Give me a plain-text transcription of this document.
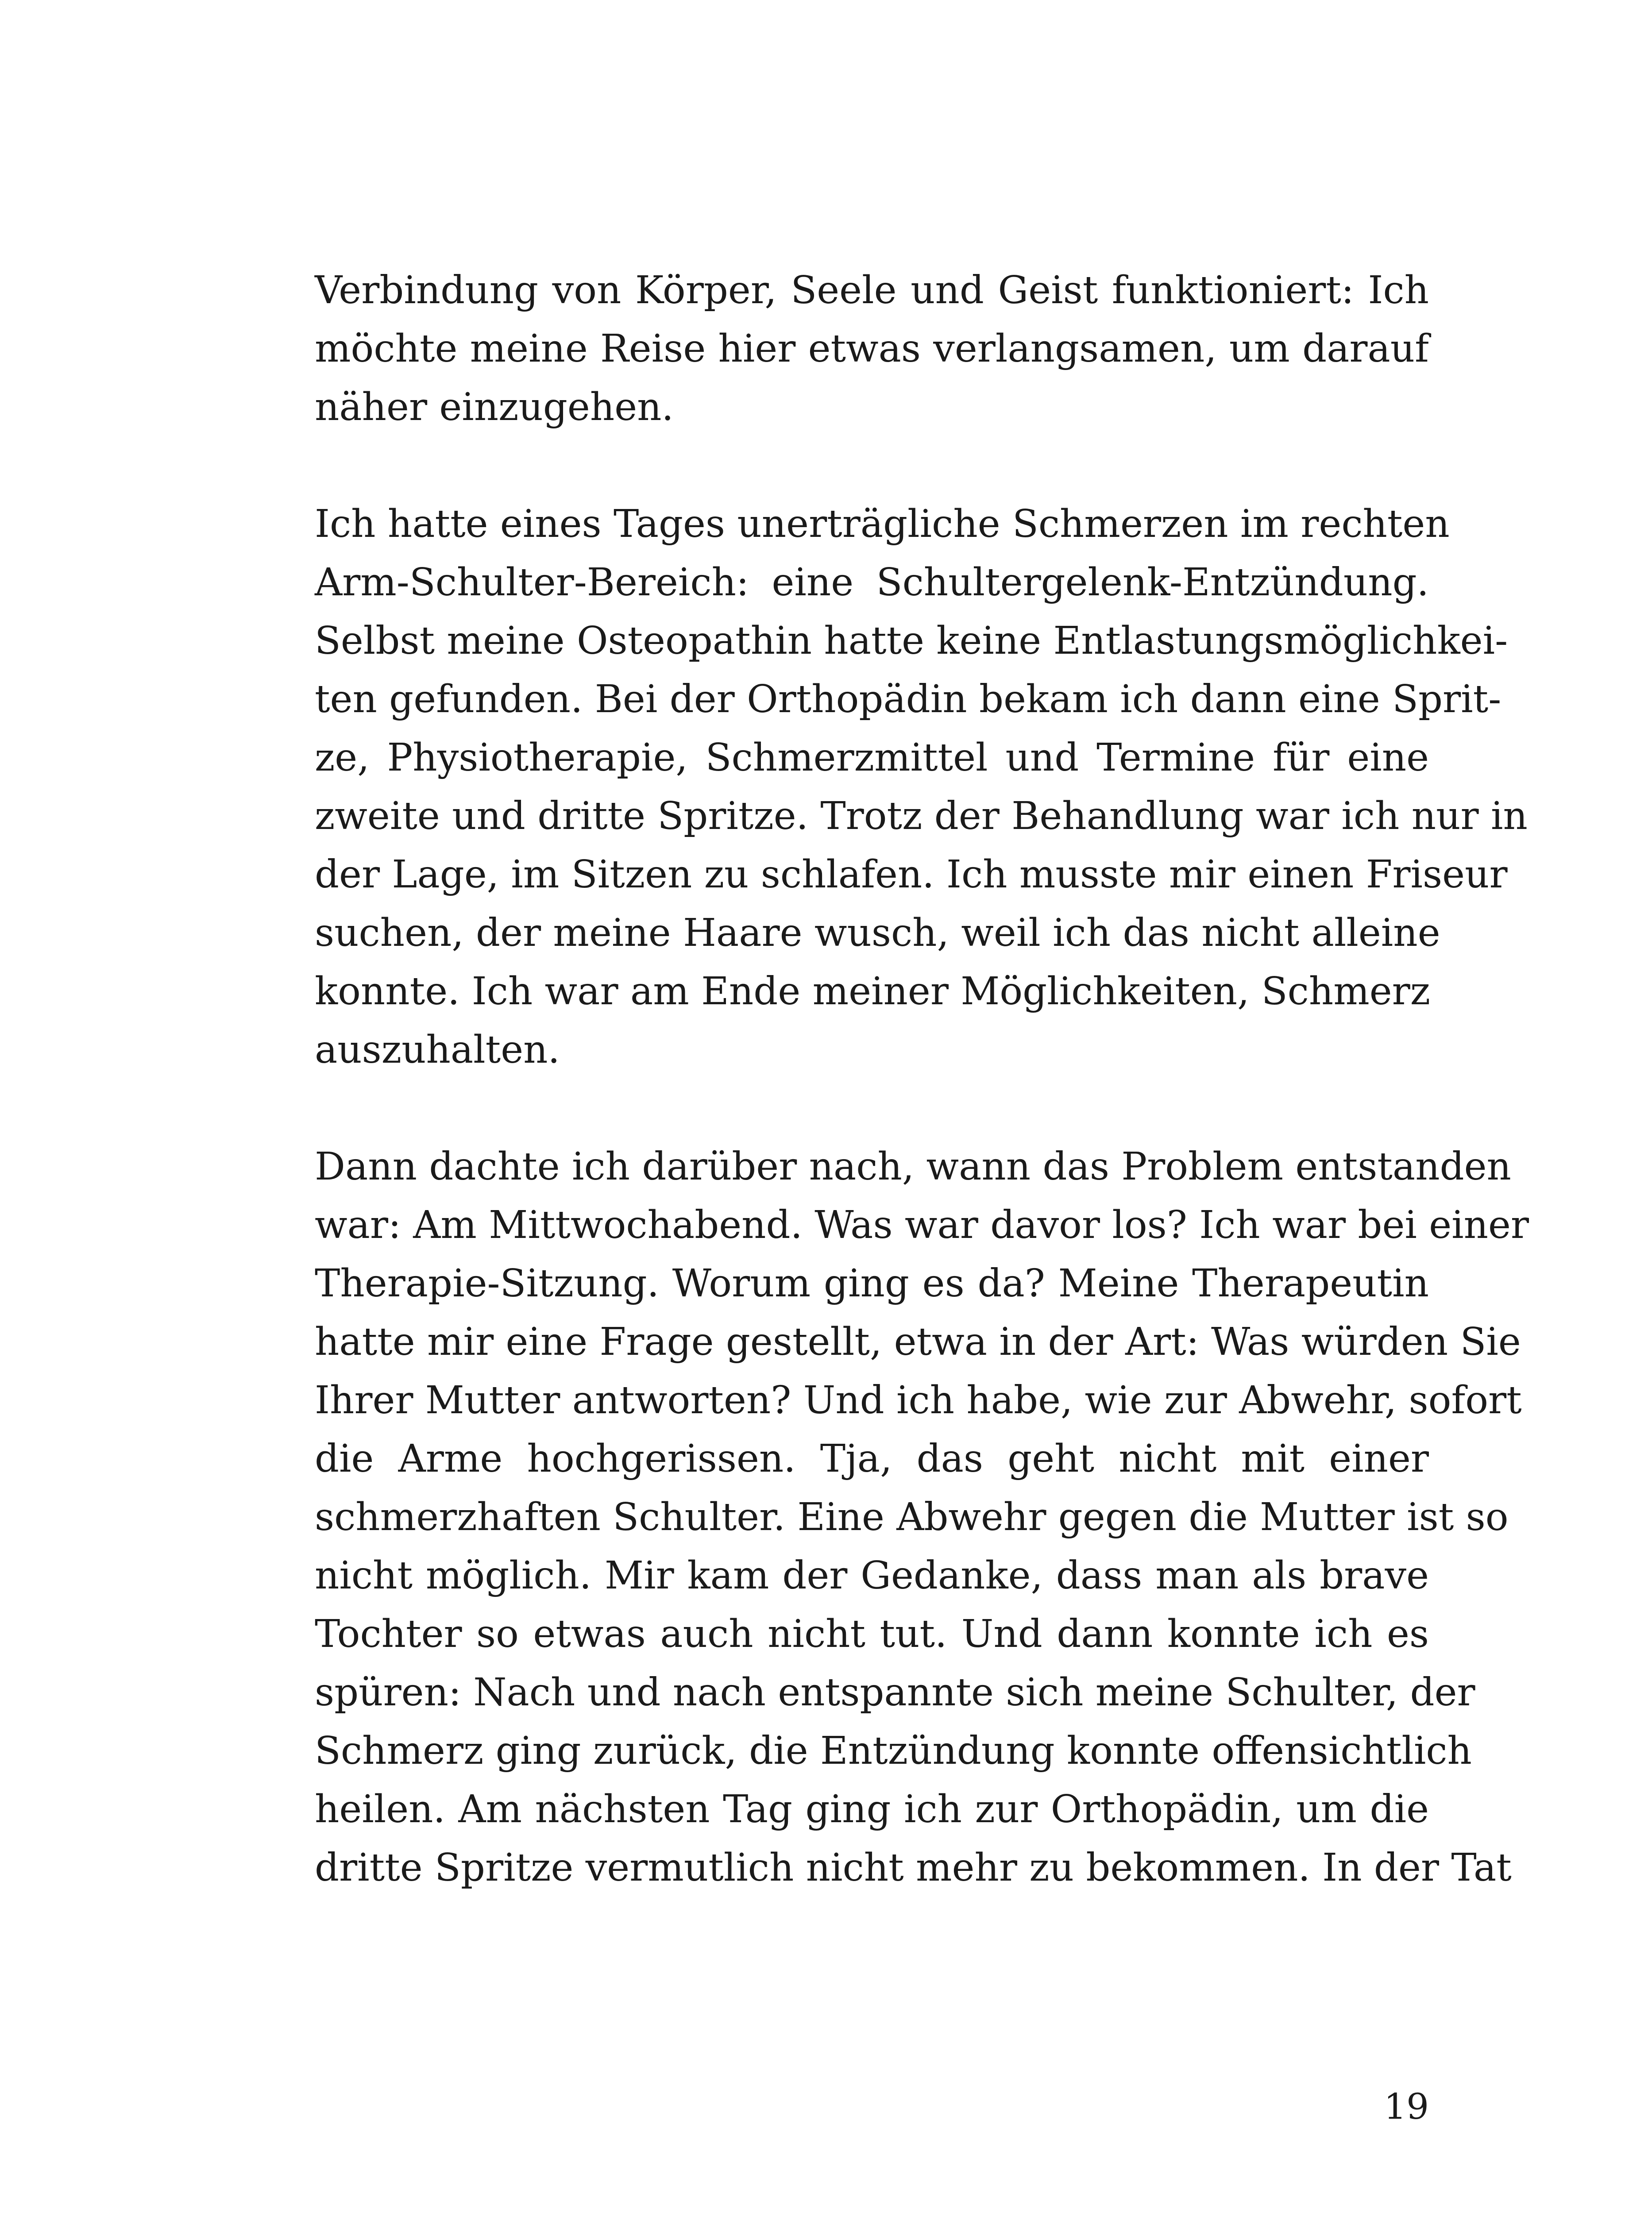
Verbindung von Körper, Seele und Geist funktioniert: Ich
möchte meine Reise hier etwas verlangsamen, um darauf
näher einzugehen.
Ich hatte eines Tages unerträgliche Schmerzen im rechten
Arm-Schulter-Bereich: eine Schultergelenk-Entzündung.
Selbst meine Osteopathin hatte keine Entlastungsmöglichkei-
ten gefunden. Bei der Orthopädin bekam ich dann eine Sprit-
ze, Physiotherapie, Schmerzmittel und Termine für eine
zweite und dritte Spritze. Trotz der Behandlung war ich nur in
der Lage, im Sitzen zu schlafen. Ich musste mir einen Friseur
suchen, der meine Haare wusch, weil ich das nicht alleine
konnte. Ich war am Ende meiner Möglichkeiten, Schmerz
auszuhalten.
Dann dachte ich darüber nach, wann das Problem entstanden
war: Am Mittwochabend. Was war davor los? Ich war bei einer
Therapie-Sitzung. Worum ging es da? Meine Therapeutin
hatte mir eine Frage gestellt, etwa in der Art: Was würden Sie
Ihrer Mutter antworten? Und ich habe, wie zur Abwehr, sofort
die Arme hochgerissen. Tja, das geht nicht mit einer
schmerzhaften Schulter. Eine Abwehr gegen die Mutter ist so
nicht möglich. Mir kam der Gedanke, dass man als brave
Tochter so etwas auch nicht tut. Und dann konnte ich es
spüren: Nach und nach entspannte sich meine Schulter, der
Schmerz ging zurück, die Entzündung konnte offensichtlich
heilen. Am nächsten Tag ging ich zur Orthopädin, um die
dritte Spritze vermutlich nicht mehr zu bekommen. In der Tat
19
